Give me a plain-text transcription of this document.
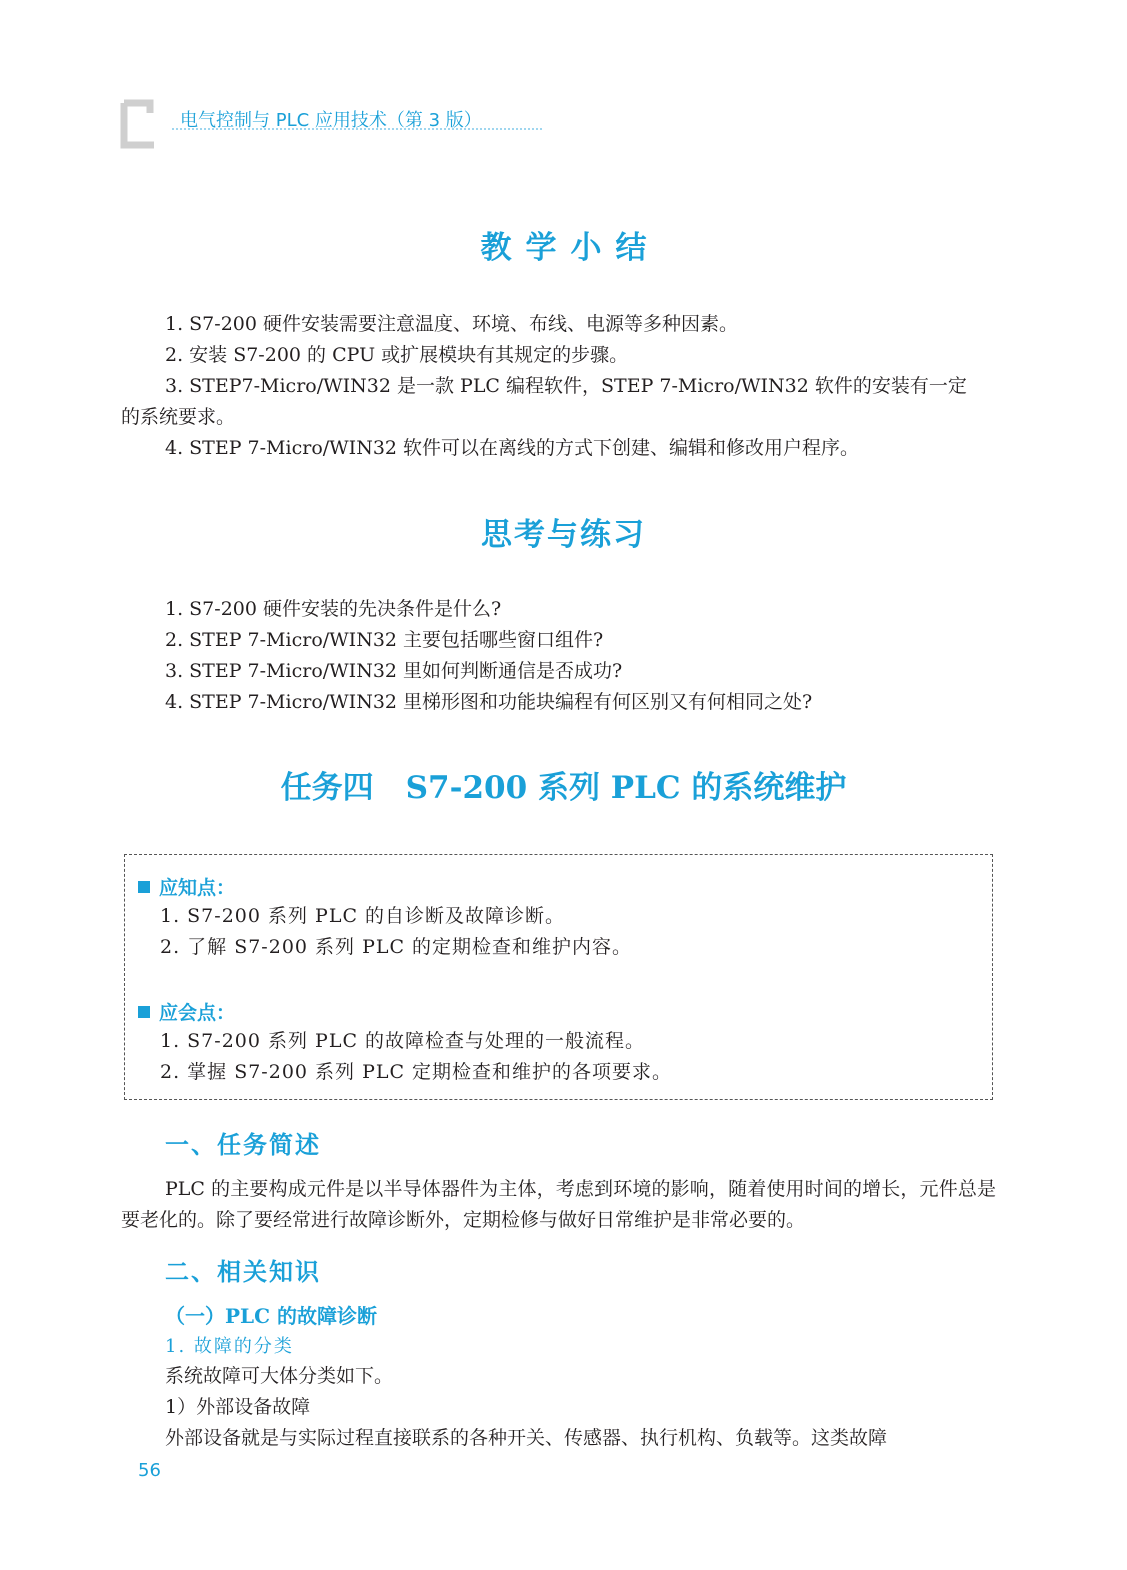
电气控制与 PLC 应用技术（第 3 版）
教学小结
1. S7-200 硬件安装需要注意温度、环境、布线、电源等多种因素。
2. 安装 S7-200 的 CPU 或扩展模块有其规定的步骤。
3. STEP7-Micro/WIN32 是一款 PLC 编程软件，STEP 7-Micro/WIN32 软件的安装有一定
的系统要求。
4. STEP 7-Micro/WIN32 软件可以在离线的方式下创建、编辑和修改用户程序。
思考与练习
1. S7-200 硬件安装的先决条件是什么?
2. STEP 7-Micro/WIN32 主要包括哪些窗口组件?
3. STEP 7-Micro/WIN32 里如何判断通信是否成功?
4. STEP 7-Micro/WIN32 里梯形图和功能块编程有何区别又有何相同之处?
任务四 S7-200 系列 PLC 的系统维护
应知点：
1. S7-200 系列 PLC 的自诊断及故障诊断。
2. 了解 S7-200 系列 PLC 的定期检查和维护内容。
应会点：
1. S7-200 系列 PLC 的故障检查与处理的一般流程。
2. 掌握 S7-200 系列 PLC 定期检查和维护的各项要求。
一、任务简述
PLC 的主要构成元件是以半导体器件为主体，考虑到环境的影响，随着使用时间的增长，元件总是要老化的。除了要经常进行故障诊断外，定期检修与做好日常维护是非常必要的。
二、相关知识
（一）PLC 的故障诊断
1. 故障的分类
系统故障可大体分类如下。
1）外部设备故障
外部设备就是与实际过程直接联系的各种开关、传感器、执行机构、负载等。这类故障
56
